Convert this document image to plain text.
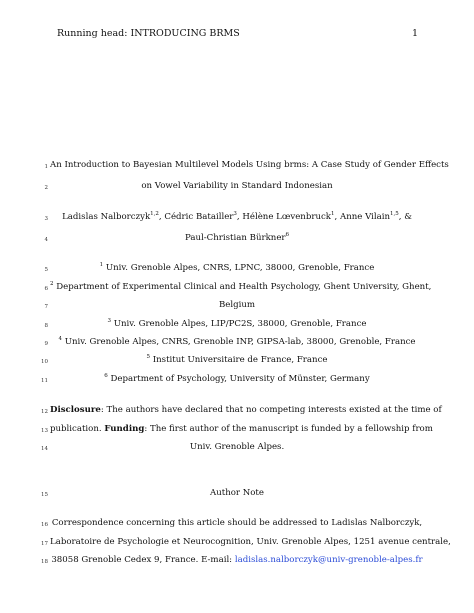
Running head: INTRODUCING BRMS	1
1 An Introduction to Bayesian Multilevel Models Using brms: A Case Study of Gender Effects
2	on Vowel Variability in Standard Indonesian
3	Ladislas Nalborczyk$^{1,2}$, Cédric Batailler$^3$, Hélène Lœvenbruck$^1$, Anne Vilain$^{1,5}$, &
4	Paul-Christian Bürkner$^6$
5
$^1$ Univ. Grenoble Alpes, CNRS, LPNC, 38000, Grenoble, France
6
$^2$ Department of Experimental Clinical and Health Psychology, Ghent University, Ghent,
7	Belgium
8
$^3$ Univ. Grenoble Alpes, LIP/PC2S, 38000, Grenoble, France
9
$^4$ Univ. Grenoble Alpes, CNRS, Grenoble INP, GIPSA-lab, 38000, Grenoble, France
10
$^5$ Institut Universitaire de France, France
11
$^6$ Department of Psychology, University of Münster, Germany
12 Disclosure: The authors have declared that no competing interests existed at the time of
13 publication. Funding: The first author of the manuscript is funded by a fellowship from
14	Univ. Grenoble Alpes.
15	Author Note
16 Correspondence concerning this article should be addressed to Ladislas Nalborczyk,
17 Laboratoire de Psychologie et Neurocognition, Univ. Grenoble Alpes, 1251 avenue centrale,
18 38058 Grenoble Cedex 9, France. E-mail: ladislas.nalborczyk@univ-grenoble-alpes.fr
